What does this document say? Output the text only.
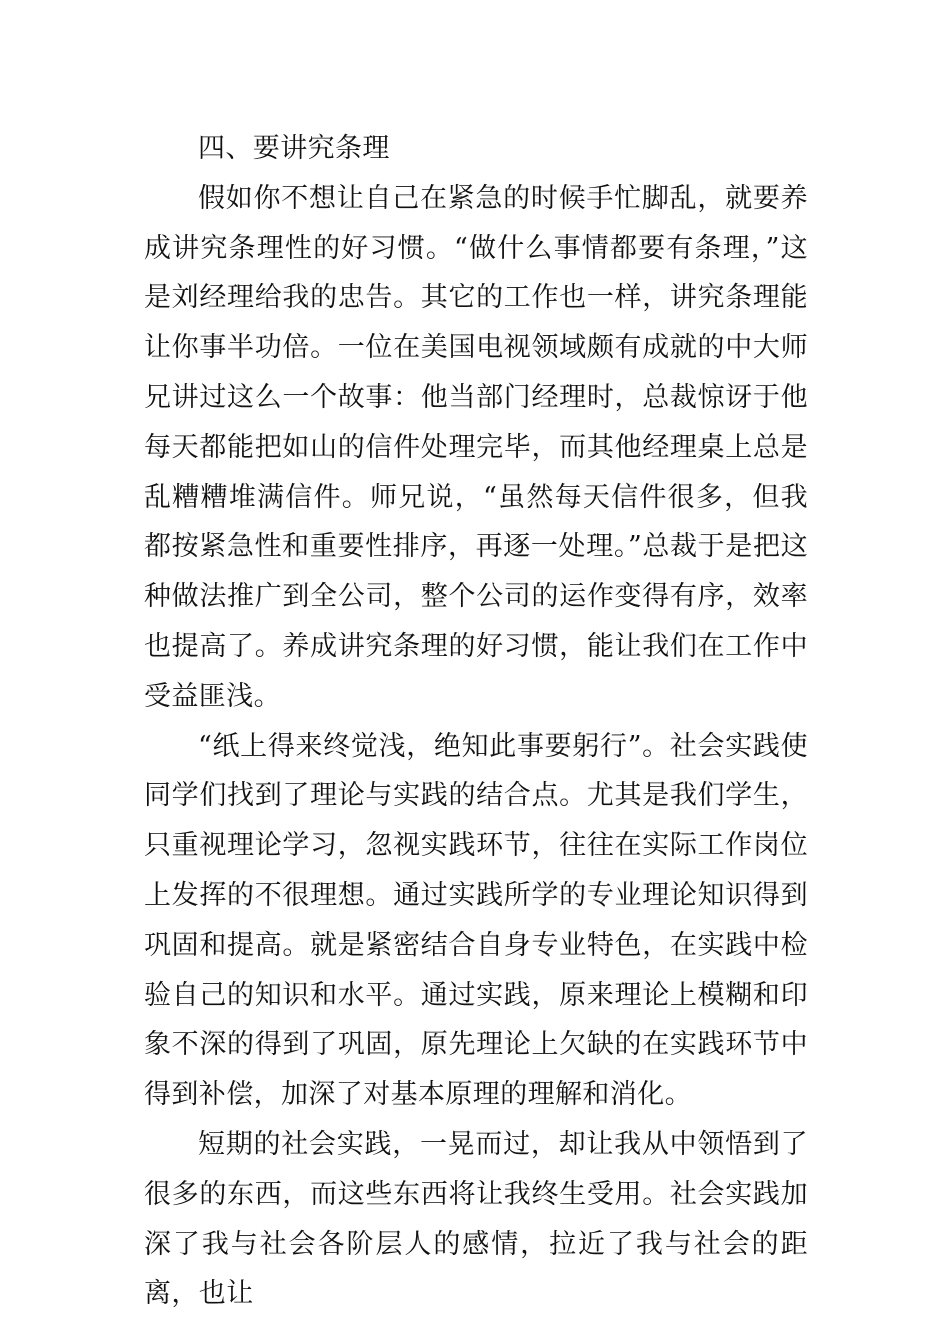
四、要讲究条理

假如你不想让自己在紧急的时候手忙脚乱，就要养成讲究条理性的好习惯。“做什么事情都要有条理，”这是刘经理给我的忠告。其它的工作也一样，讲究条理能让你事半功倍。一位在美国电视领域颇有成就的中大师兄讲过这么一个故事：他当部门经理时，总裁惊讶于他每天都能把如山的信件处理完毕，而其他经理桌上总是乱糟糟堆满信件。师兄说，“虽然每天信件很多，但我都按紧急性和重要性排序，再逐一处理。”总裁于是把这种做法推广到全公司，整个公司的运作变得有序，效率也提高了。养成讲究条理的好习惯，能让我们在工作中受益匪浅。

“纸上得来终觉浅，绝知此事要躬行”。社会实践使同学们找到了理论与实践的结合点。尤其是我们学生，只重视理论学习，忽视实践环节，往往在实际工作岗位上发挥的不很理想。通过实践所学的专业理论知识得到巩固和提高。就是紧密结合自身专业特色，在实践中检验自己的知识和水平。通过实践，原来理论上模糊和印象不深的得到了巩固，原先理论上欠缺的在实践环节中得到补偿，加深了对基本原理的理解和消化。

短期的社会实践，一晃而过，却让我从中领悟到了很多的东西，而这些东西将让我终生受用。社会实践加深了我与社会各阶层人的感情，拉近了我与社会的距离，也让
